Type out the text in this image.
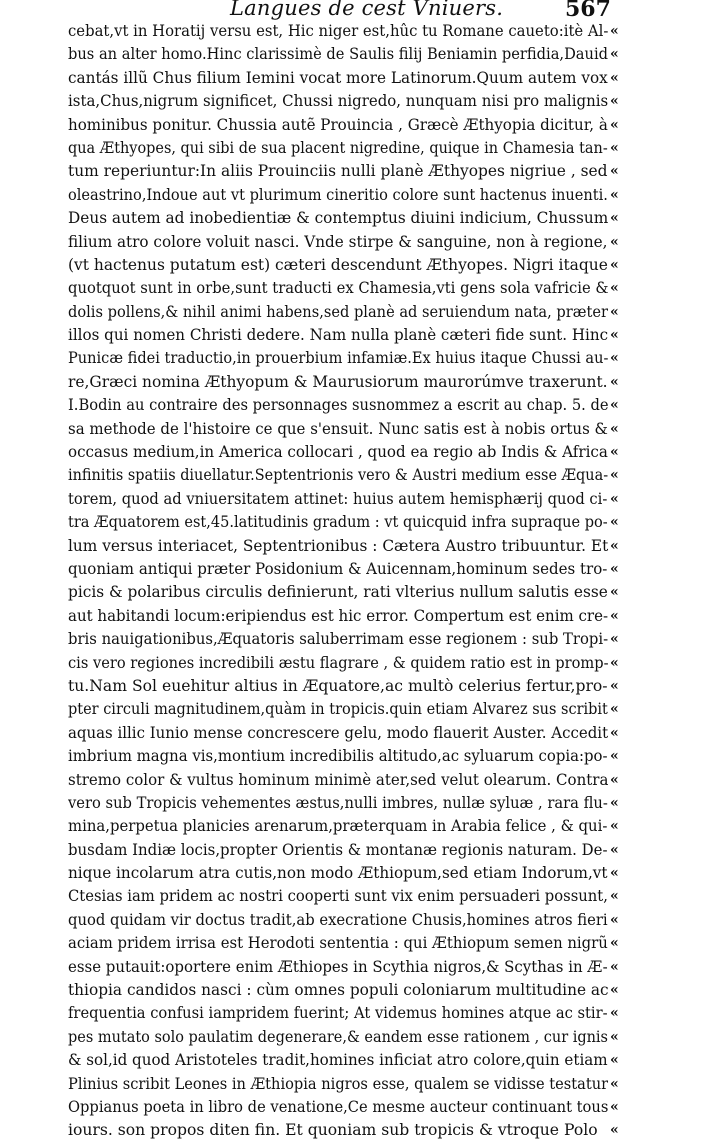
Langues de cest Vniuers.	567
cebat,vt in Horatij versu est, Hic niger est,hûc tu Romane caueto:itè Al-
bus an alter homo.Hinc clarissimè de Saulis filij Beniamin perfidia,Dauid
cantás illũ Chus filium Iemini vocat more Latinorum.Quum autem vox
ista,Chus,nigrum significet, Chussi nigredo, nunquam nisi pro malignis
hominibus ponitur. Chussia autẽ Prouincia , Græcè Æthyopia dicitur, à
qua Æthyopes, qui sibi de sua placent nigredine, quique in Chamesia tan-
tum reperiuntur:In aliis Prouinciis nulli planè Æthyopes nigriue , sed
oleastrino,Indoue aut vt plurimum cineritio colore sunt hactenus inuenti.
Deus autem ad inobedientiæ & contemptus diuini indicium, Chussum
filium atro colore voluit nasci. Vnde stirpe & sanguine, non à regione,
(vt hactenus putatum est) cæteri descendunt Æthyopes. Nigri itaque
quotquot sunt in orbe,sunt traducti ex Chamesia,vti gens sola vafricie &
dolis pollens,& nihil animi habens,sed planè ad seruiendum nata, præter
illos qui nomen Christi dedere. Nam nulla planè cæteri fide sunt. Hinc
Punicæ fidei traductio,in prouerbium infamiæ.Ex huius itaque Chussi au-
re,Græci nomina Æthyopum & Maurusiorum maurorúmve traxerunt.
I.Bodin au contraire des personnages susnommez a escrit au chap. 5. de
sa methode de l'histoire ce que s'ensuit. Nunc satis est à nobis ortus &
occasus medium,in America collocari , quod ea regio ab Indis & Africa
infinitis spatiis diuellatur.Septentrionis vero & Austri medium esse Æqua-
torem, quod ad vniuersitatem attinet: huius autem hemisphærij quod ci-
tra Æquatorem est,45.latitudinis gradum : vt quicquid infra supraque po-
lum versus interiacet, Septentrionibus : Cætera Austro tribuuntur. Et
quoniam antiqui præter Posidonium & Auicennam,hominum sedes tro-
picis & polaribus circulis definierunt, rati vlterius nullum salutis esse
aut habitandi locum:eripiendus est hic error. Compertum est enim cre-
bris nauigationibus,Æquatoris saluberrimam esse regionem : sub Tropi-
cis vero regiones incredibili æstu flagrare , & quidem ratio est in promp-
tu.Nam Sol euehitur altius in Æquatore,ac multò celerius fertur,pro-
pter circuli magnitudinem,quàm in tropicis.quin etiam Alvarez sus scribit
aquas illic Iunio mense concrescere gelu, modo flauerit Auster. Accedit
imbrium magna vis,montium incredibilis altitudo,ac syluarum copia:po-
stremo color & vultus hominum minimè ater,sed velut olearum. Contra
vero sub Tropicis vehementes æstus,nulli imbres, nullæ syluæ , rara flu-
mina,perpetua planicies arenarum,præterquam in Arabia felice , & qui-
busdam Indiæ locis,propter Orientis & montanæ regionis naturam. De-
nique incolarum atra cutis,non modo Æthiopum,sed etiam Indorum,vt
Ctesias iam pridem ac nostri cooperti sunt vix enim persuaderi possunt,
quod quidam vir doctus tradit,ab execratione Chusis,homines atros fieri
aciam pridem irrisa est Herodoti sententia : qui Æthiopum semen nigrũ
esse putauit:oportere enim Æthiopes in Scythia nigros,& Scythas in Æ-
thiopia candidos nasci : cùm omnes populi coloniarum multitudine ac
frequentia confusi iampridem fuerint; At videmus homines atque ac stir-
pes mutato solo paulatim degenerare,& eandem esse rationem , cur ignis
& sol,id quod Aristoteles tradit,homines inficiat atro colore,quin etiam
Plinius scribit Leones in Æthiopia nigros esse, qualem se vidisse testatur
Oppianus poeta in libro de venatione,Ce mesme aucteur continuant tous
iours. son propos diten fin. Et quoniam sub tropicis & vtroque Polo
«
«
«
«
«
«
«
«
«
«
«
«
«
«
«
«
«
«
«
«
«
«
«
«
«
«
«
«
«
«
«
«
«
«
«
«
«
«
«
«
«
«
«
«
«
«
«
«
